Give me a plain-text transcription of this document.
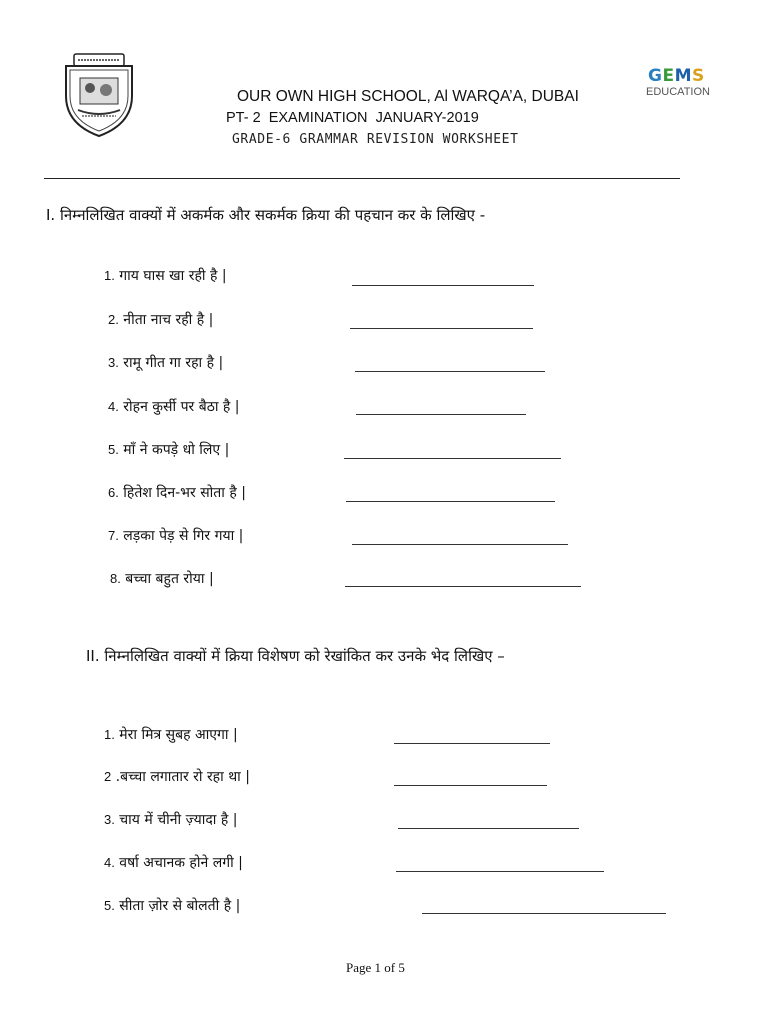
GEMS
EDUCATION
OUR OWN HIGH SCHOOL, Al WARQA’A, DUBAI
PT- 2  EXAMINATION  JANUARY-2019
GRADE-6 GRAMMAR REVISION WORKSHEET
I. निम्नलिखित वाक्यों में अकर्मक और सकर्मक क्रिया की पहचान कर के लिखिए -
1. गाय घास खा रही है |
2. नीता नाच रही है |
3. रामू गीत गा रहा है |
4. रोहन कुर्सी पर बैठा है |
5. माँ ने कपड़े धो लिए |
6. हितेश दिन-भर सोता है |
7. लड़का पेड़ से गिर गया |
8. बच्चा बहुत रोया |
II. निम्नलिखित वाक्यों में क्रिया विशेषण को रेखांकित कर उनके भेद लिखिए –
1. मेरा मित्र सुबह आएगा |
2 .बच्चा लगातार रो रहा था |
3. चाय में चीनी ज़्यादा है |
4. वर्षा अचानक होने लगी |
5. सीता ज़ोर से बोलती है |
Page 1 of 5
